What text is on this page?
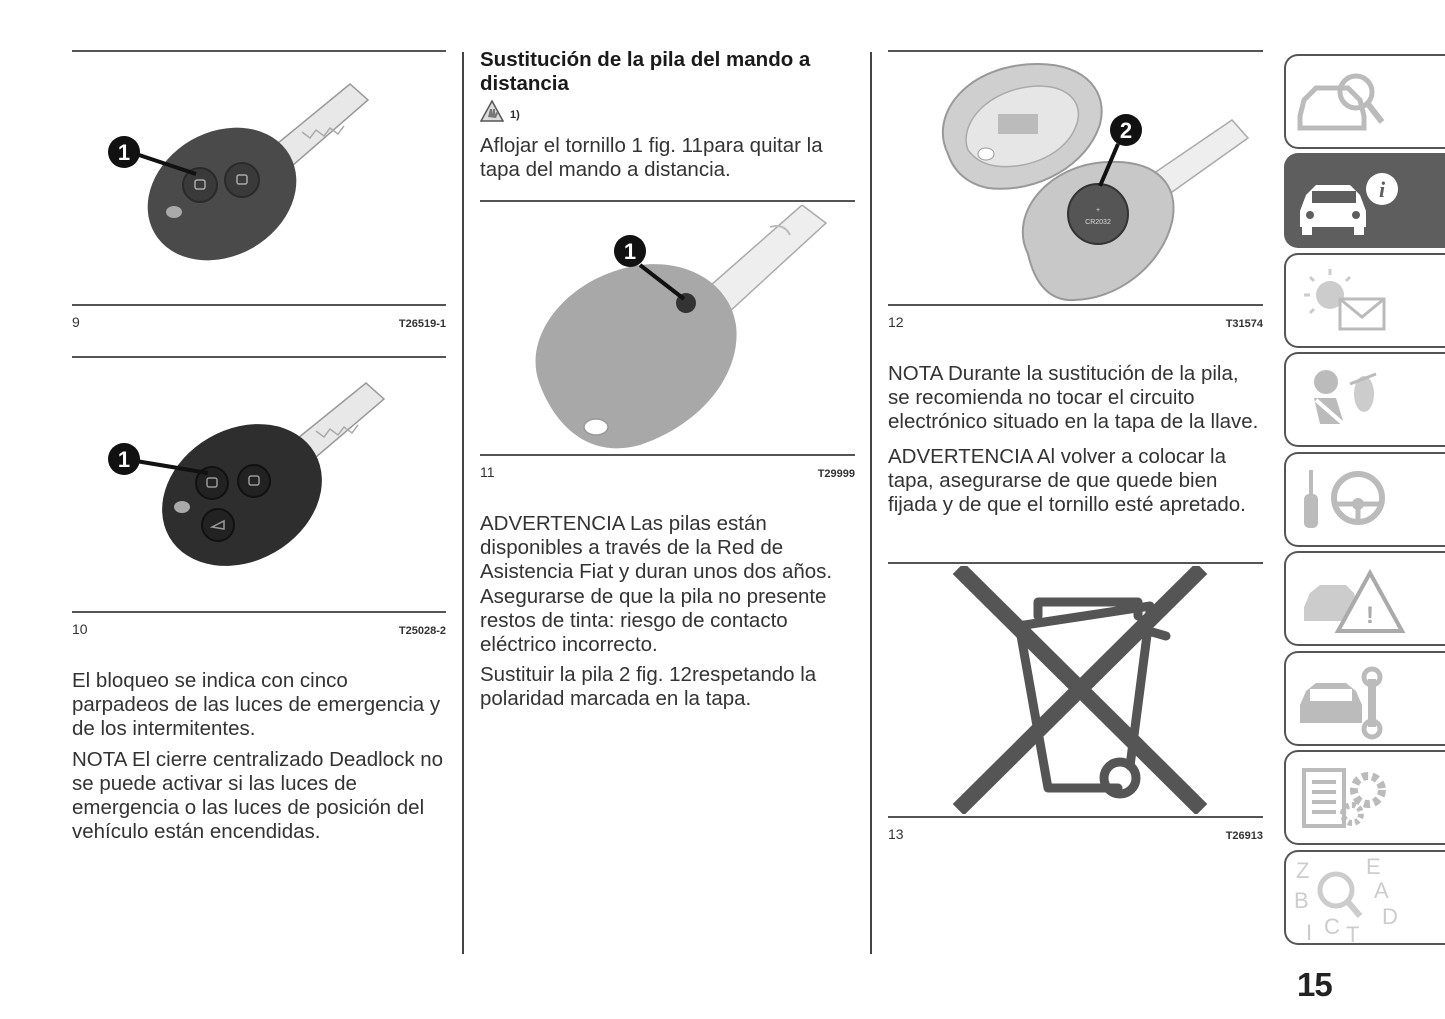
1
9	T26519-1
1
10	T25028-2

El bloqueo se indica con cinco parpadeos de las luces de emergencia y de los intermitentes.

NOTA El cierre centralizado Deadlock no se puede activar si las luces de emergencia o las luces de posición del vehículo están encendidas.

Sustitución de la pila del mando a distancia
1)

Aflojar el tornillo 1 fig. 11para quitar la tapa del mando a distancia.

1
11	T29999

ADVERTENCIA Las pilas están disponibles a través de la Red de Asistencia Fiat y duran unos dos años. Asegurarse de que la pila no presente restos de tinta: riesgo de contacto eléctrico incorrecto.

Sustituir la pila 2 fig. 12respetando la polaridad marcada en la tapa.

+
CR2032
2
12	T31574

NOTA Durante la sustitución de la pila, se recomienda no tocar el circuito electrónico situado en la tapa de la llave.

ADVERTENCIA Al volver a colocar la tapa, asegurarse de que quede bien fijada y de que el tornillo esté apretado.

13	T26913
i
!
Z	E
A
B
D
I C T
15
